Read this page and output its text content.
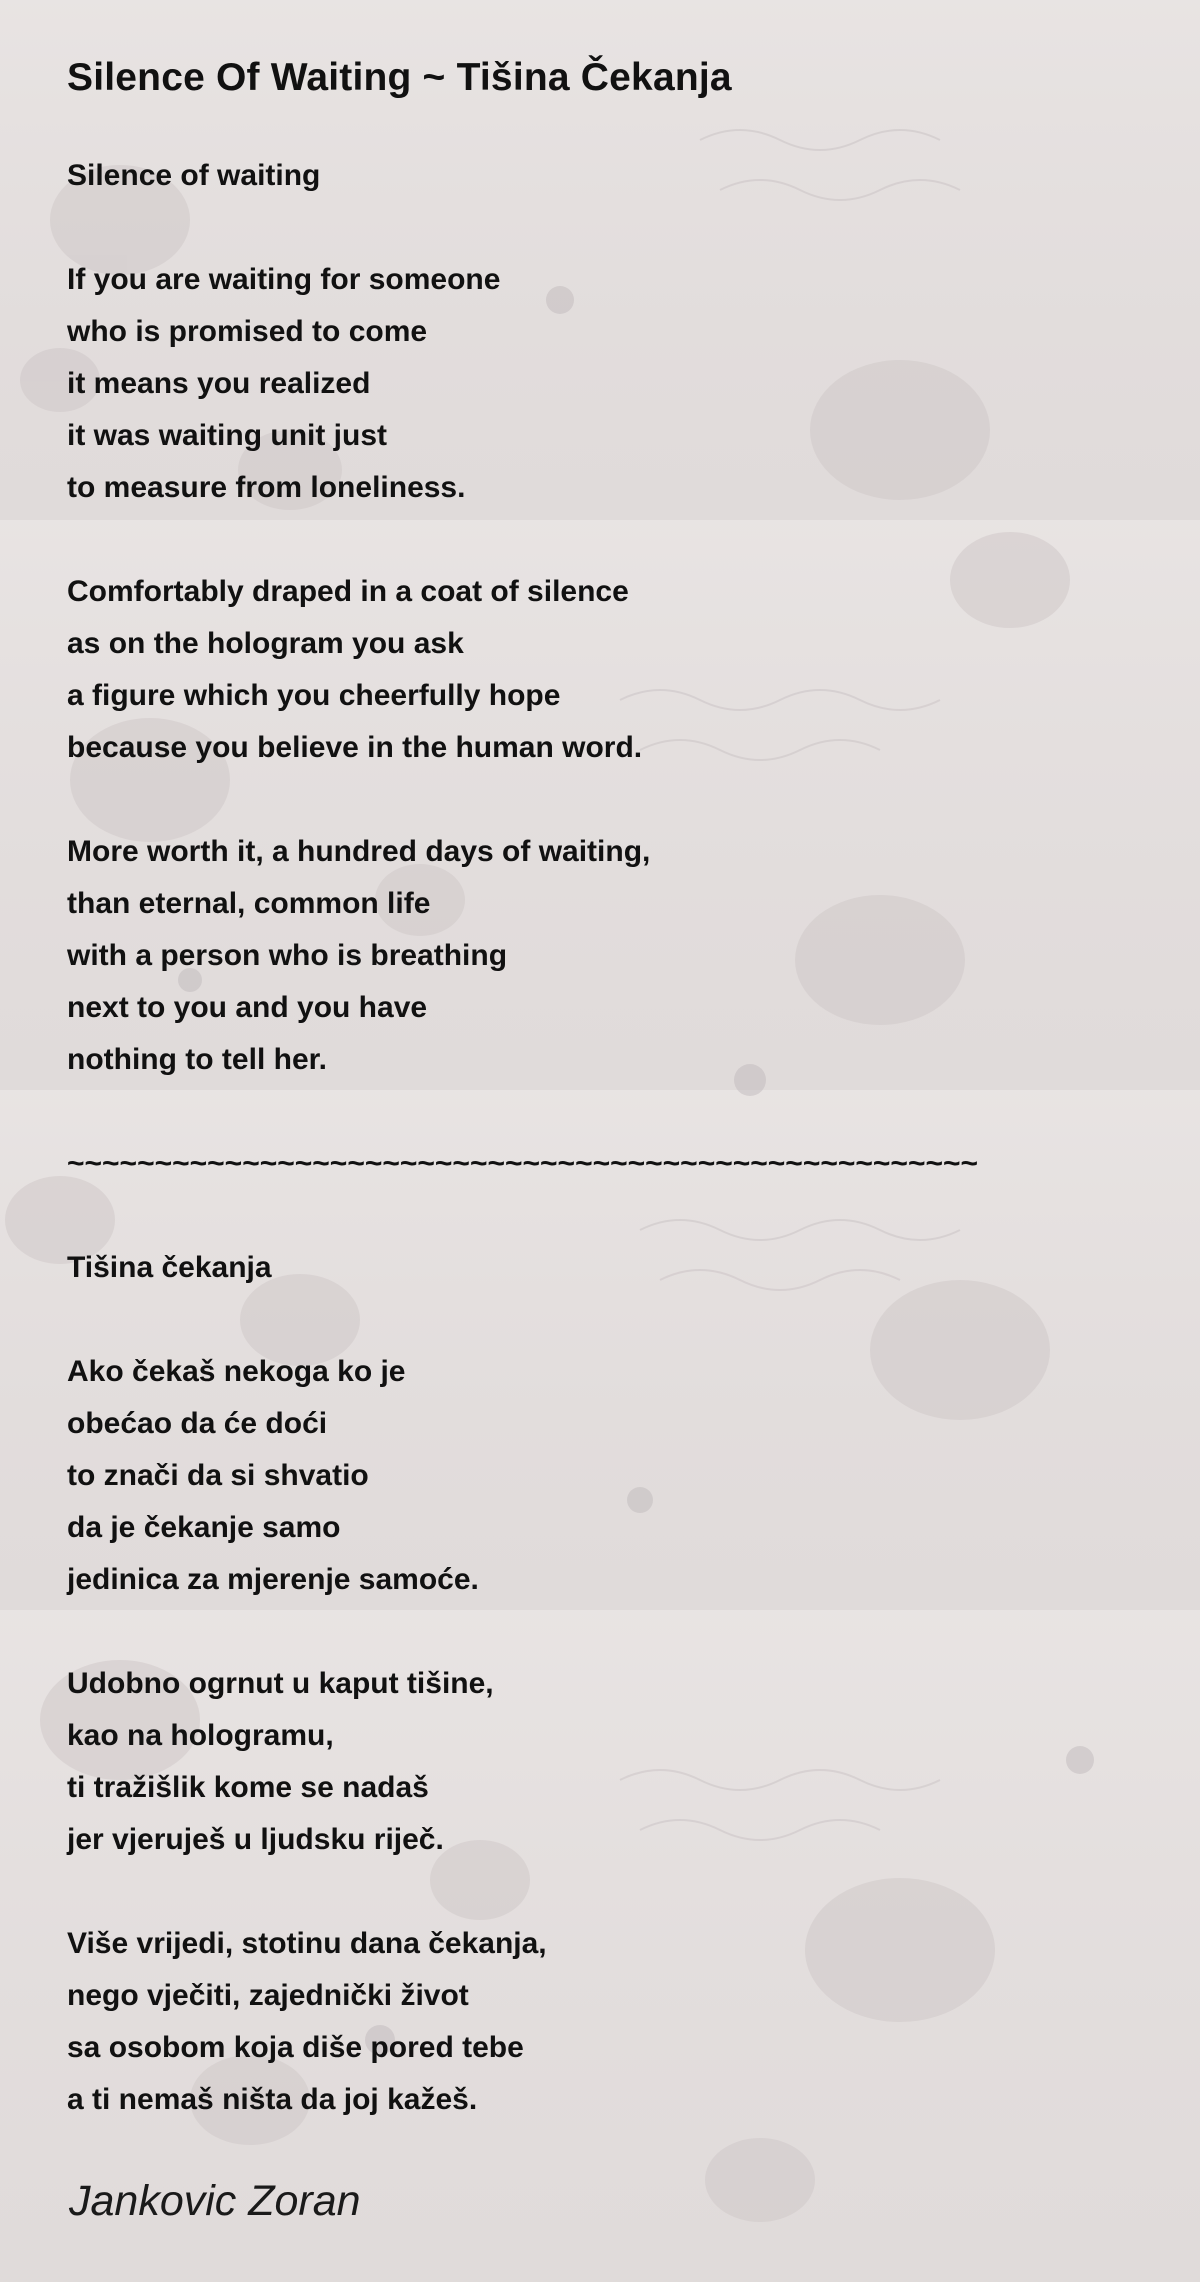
Silence Of Waiting ~ Tišina Čekanja
Silence of waiting
If you are waiting for someone
who is promised to come
it means you realized
it was waiting unit just
to measure from loneliness.
Comfortably draped in a coat of silence
as on the hologram you ask
a figure which you cheerfully hope
because you believe in the human word.
More worth it, a hundred days of waiting,
than eternal, common life
with a person who is breathing
next to you and you have
nothing to tell her.
~~~~~~~~~~~~~~~~~~~~~~~~~~~~~~~~~~~~~~~~~~~~~~~~~~~~
Tišina čekanja
Ako čekaš nekoga ko je
obećao da će doći
to znači da si shvatio
da je čekanje samo
jedinica za mjerenje samoće.
Udobno ogrnut u kaput tišine,
kao na hologramu,
ti tražišlik kome se nadaš
jer vjeruješ u ljudsku riječ.
Više vrijedi, stotinu dana čekanja,
nego vječiti, zajednički život
sa osobom koja diše pored tebe
a ti nemaš ništa da joj kažeš.
Jankovic Zoran
